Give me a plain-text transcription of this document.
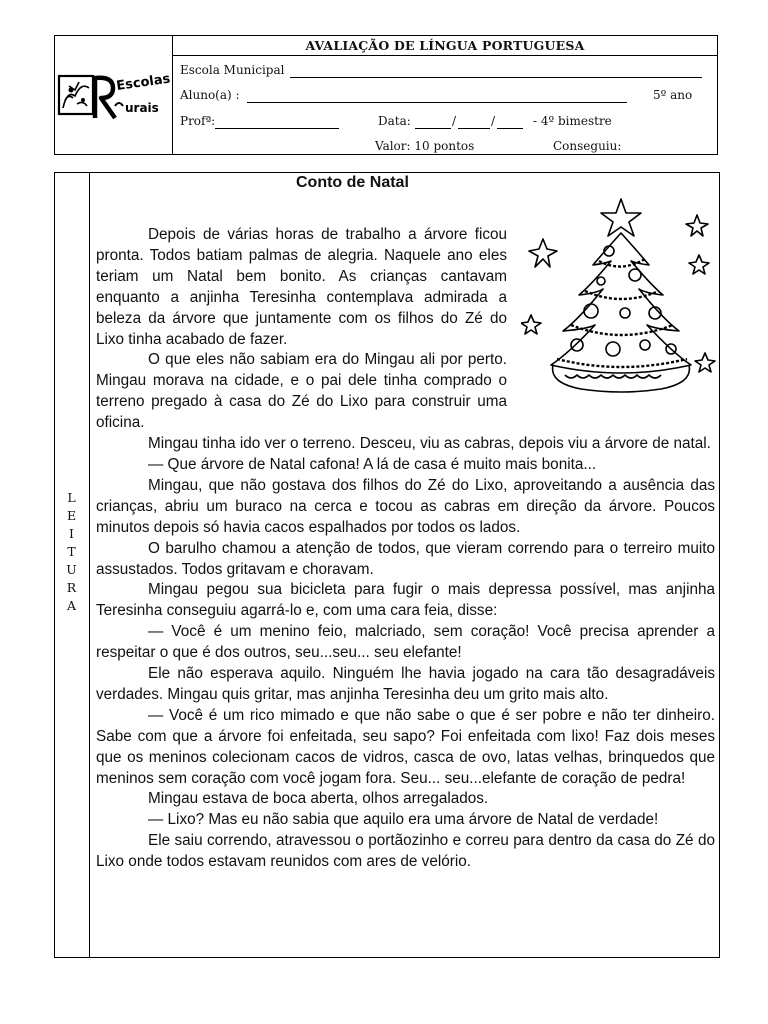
Escolas
urais
AVALIAÇÃO DE LÍNGUA PORTUGUESA
Escola Municipal
Aluno(a) :	5º ano
Profª:	Data:	/	/	- 4º bimestre
Valor: 10 pontos	Conseguiu:
L
E
I
T
U
R
A
Conto de Natal

Depois de várias horas de trabalho a árvore ficou pronta. Todos batiam palmas de alegria. Naquele ano eles teriam um Natal bem bonito. As crianças cantavam enquanto a anjinha Teresinha contemplava admirada a beleza da árvore que juntamente com os filhos do Zé do Lixo tinha acabado de fazer.

O que eles não sabiam era do Mingau ali por perto. Mingau morava na cidade, e o pai dele tinha comprado o terreno pregado à casa do Zé do Lixo para construir uma oficina.

Mingau tinha ido ver o terreno. Desceu, viu as cabras, depois viu a árvore de natal.

— Que árvore de Natal cafona! A lá de casa é muito mais bonita...

Mingau, que não gostava dos filhos do Zé do Lixo, aproveitando a ausência das crianças, abriu um buraco na cerca e tocou as cabras em direção da árvore. Poucos minutos depois só havia cacos espalhados por todos os lados.

O barulho chamou a atenção de todos, que vieram correndo para o terreiro muito assustados. Todos gritavam e choravam.

Mingau pegou sua bicicleta para fugir o mais depressa possível, mas anjinha Teresinha conseguiu agarrá-lo e, com uma cara feia, disse:

— Você é um menino feio, malcriado, sem coração! Você precisa aprender a respeitar o que é dos outros, seu...seu... seu elefante!

Ele não esperava aquilo. Ninguém lhe havia jogado na cara tão desagradáveis verdades. Mingau quis gritar, mas anjinha Teresinha deu um grito mais alto.

— Você é um rico mimado e que não sabe o que é ser pobre e não ter dinheiro. Sabe com que a árvore foi enfeitada, seu sapo? Foi enfeitada com lixo! Faz dois meses que os meninos colecionam cacos de vidros, casca de ovo, latas velhas, brinquedos que meninos sem coração com você jogam fora. Seu... seu...elefante de coração de pedra!

Mingau estava de boca aberta, olhos arregalados.

— Lixo? Mas eu não sabia que aquilo era uma árvore de Natal de verdade!

Ele saiu correndo, atravessou o portãozinho e correu para dentro da casa do Zé do Lixo onde todos estavam reunidos com ares de velório.
